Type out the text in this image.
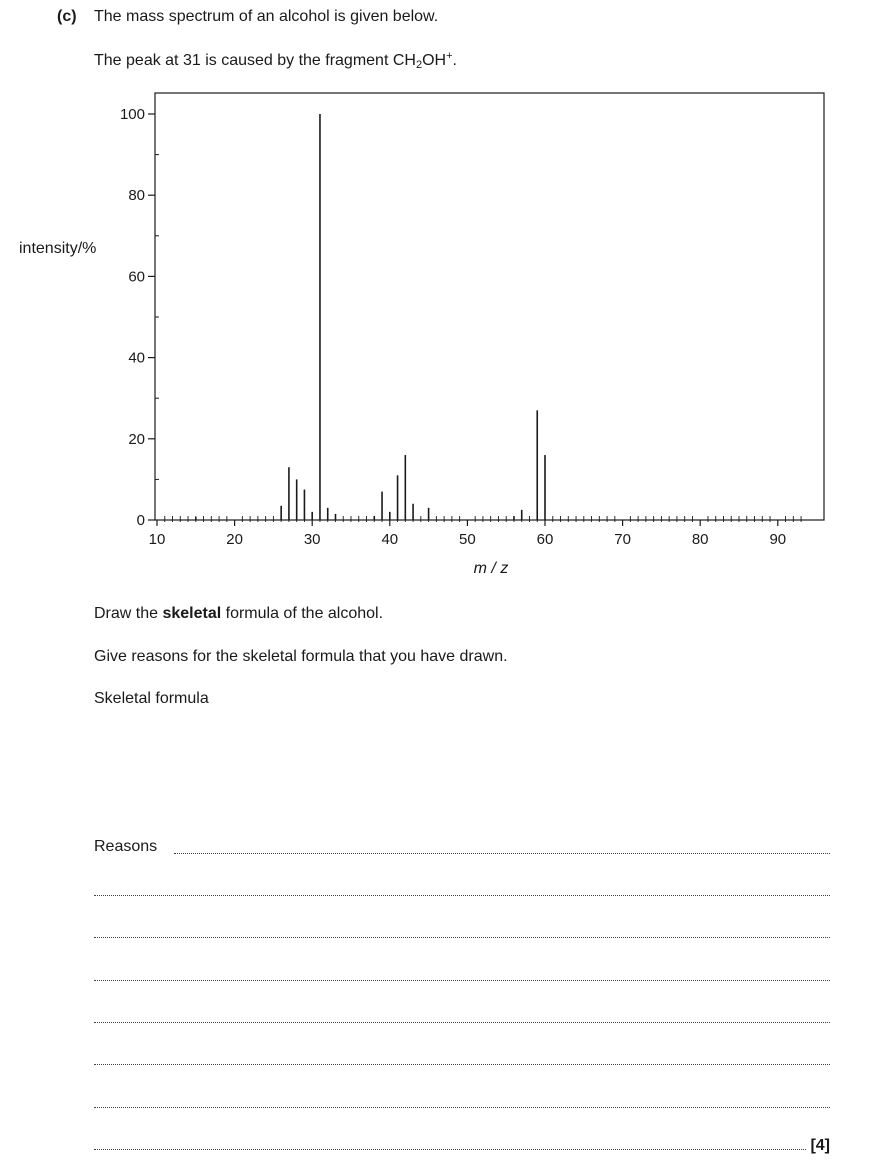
(c) The mass spectrum of an alcohol is given below.
The peak at 31 is caused by the fragment $CH_2OH^+$.
0
20
40
60
80
100
10	20	30	40	50	60	70	80	90
intensity/%
m / z
Draw the skeletal formula of the alcohol.
Give reasons for the skeletal formula that you have drawn.
Skeletal formula
Reasons
[4]
